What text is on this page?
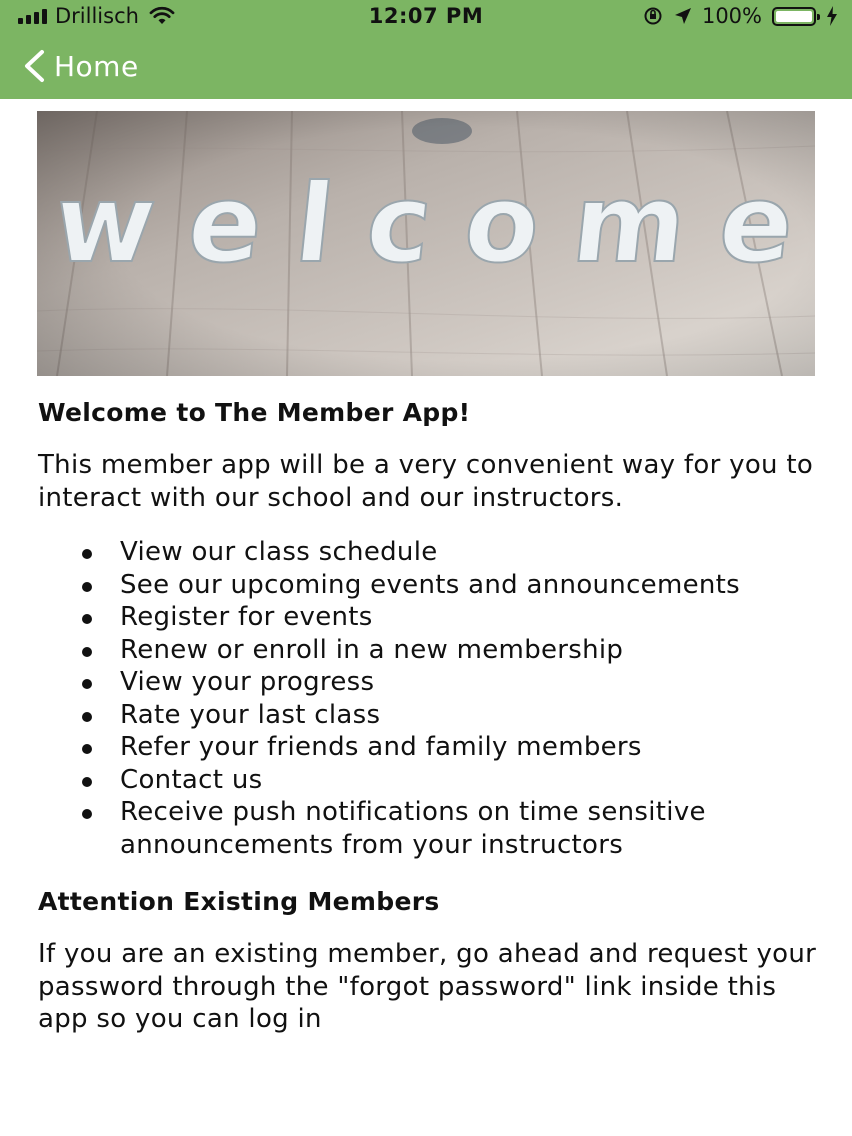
Drillisch	12:07 PM	100%
Home
welcome
Welcome to The Member App!

This member app will be a very convenient way for you to interact with our school and our instructors.

View our class schedule
See our upcoming events and announcements
Register for events
Renew or enroll in a new membership
View your progress
Rate your last class
Refer your friends and family members
Contact us
Receive push notifications on time sensitive announcements from your instructors
Attention Existing Members

If you are an existing member, go ahead and request your password through the "forgot password" link inside this app so you can log in
